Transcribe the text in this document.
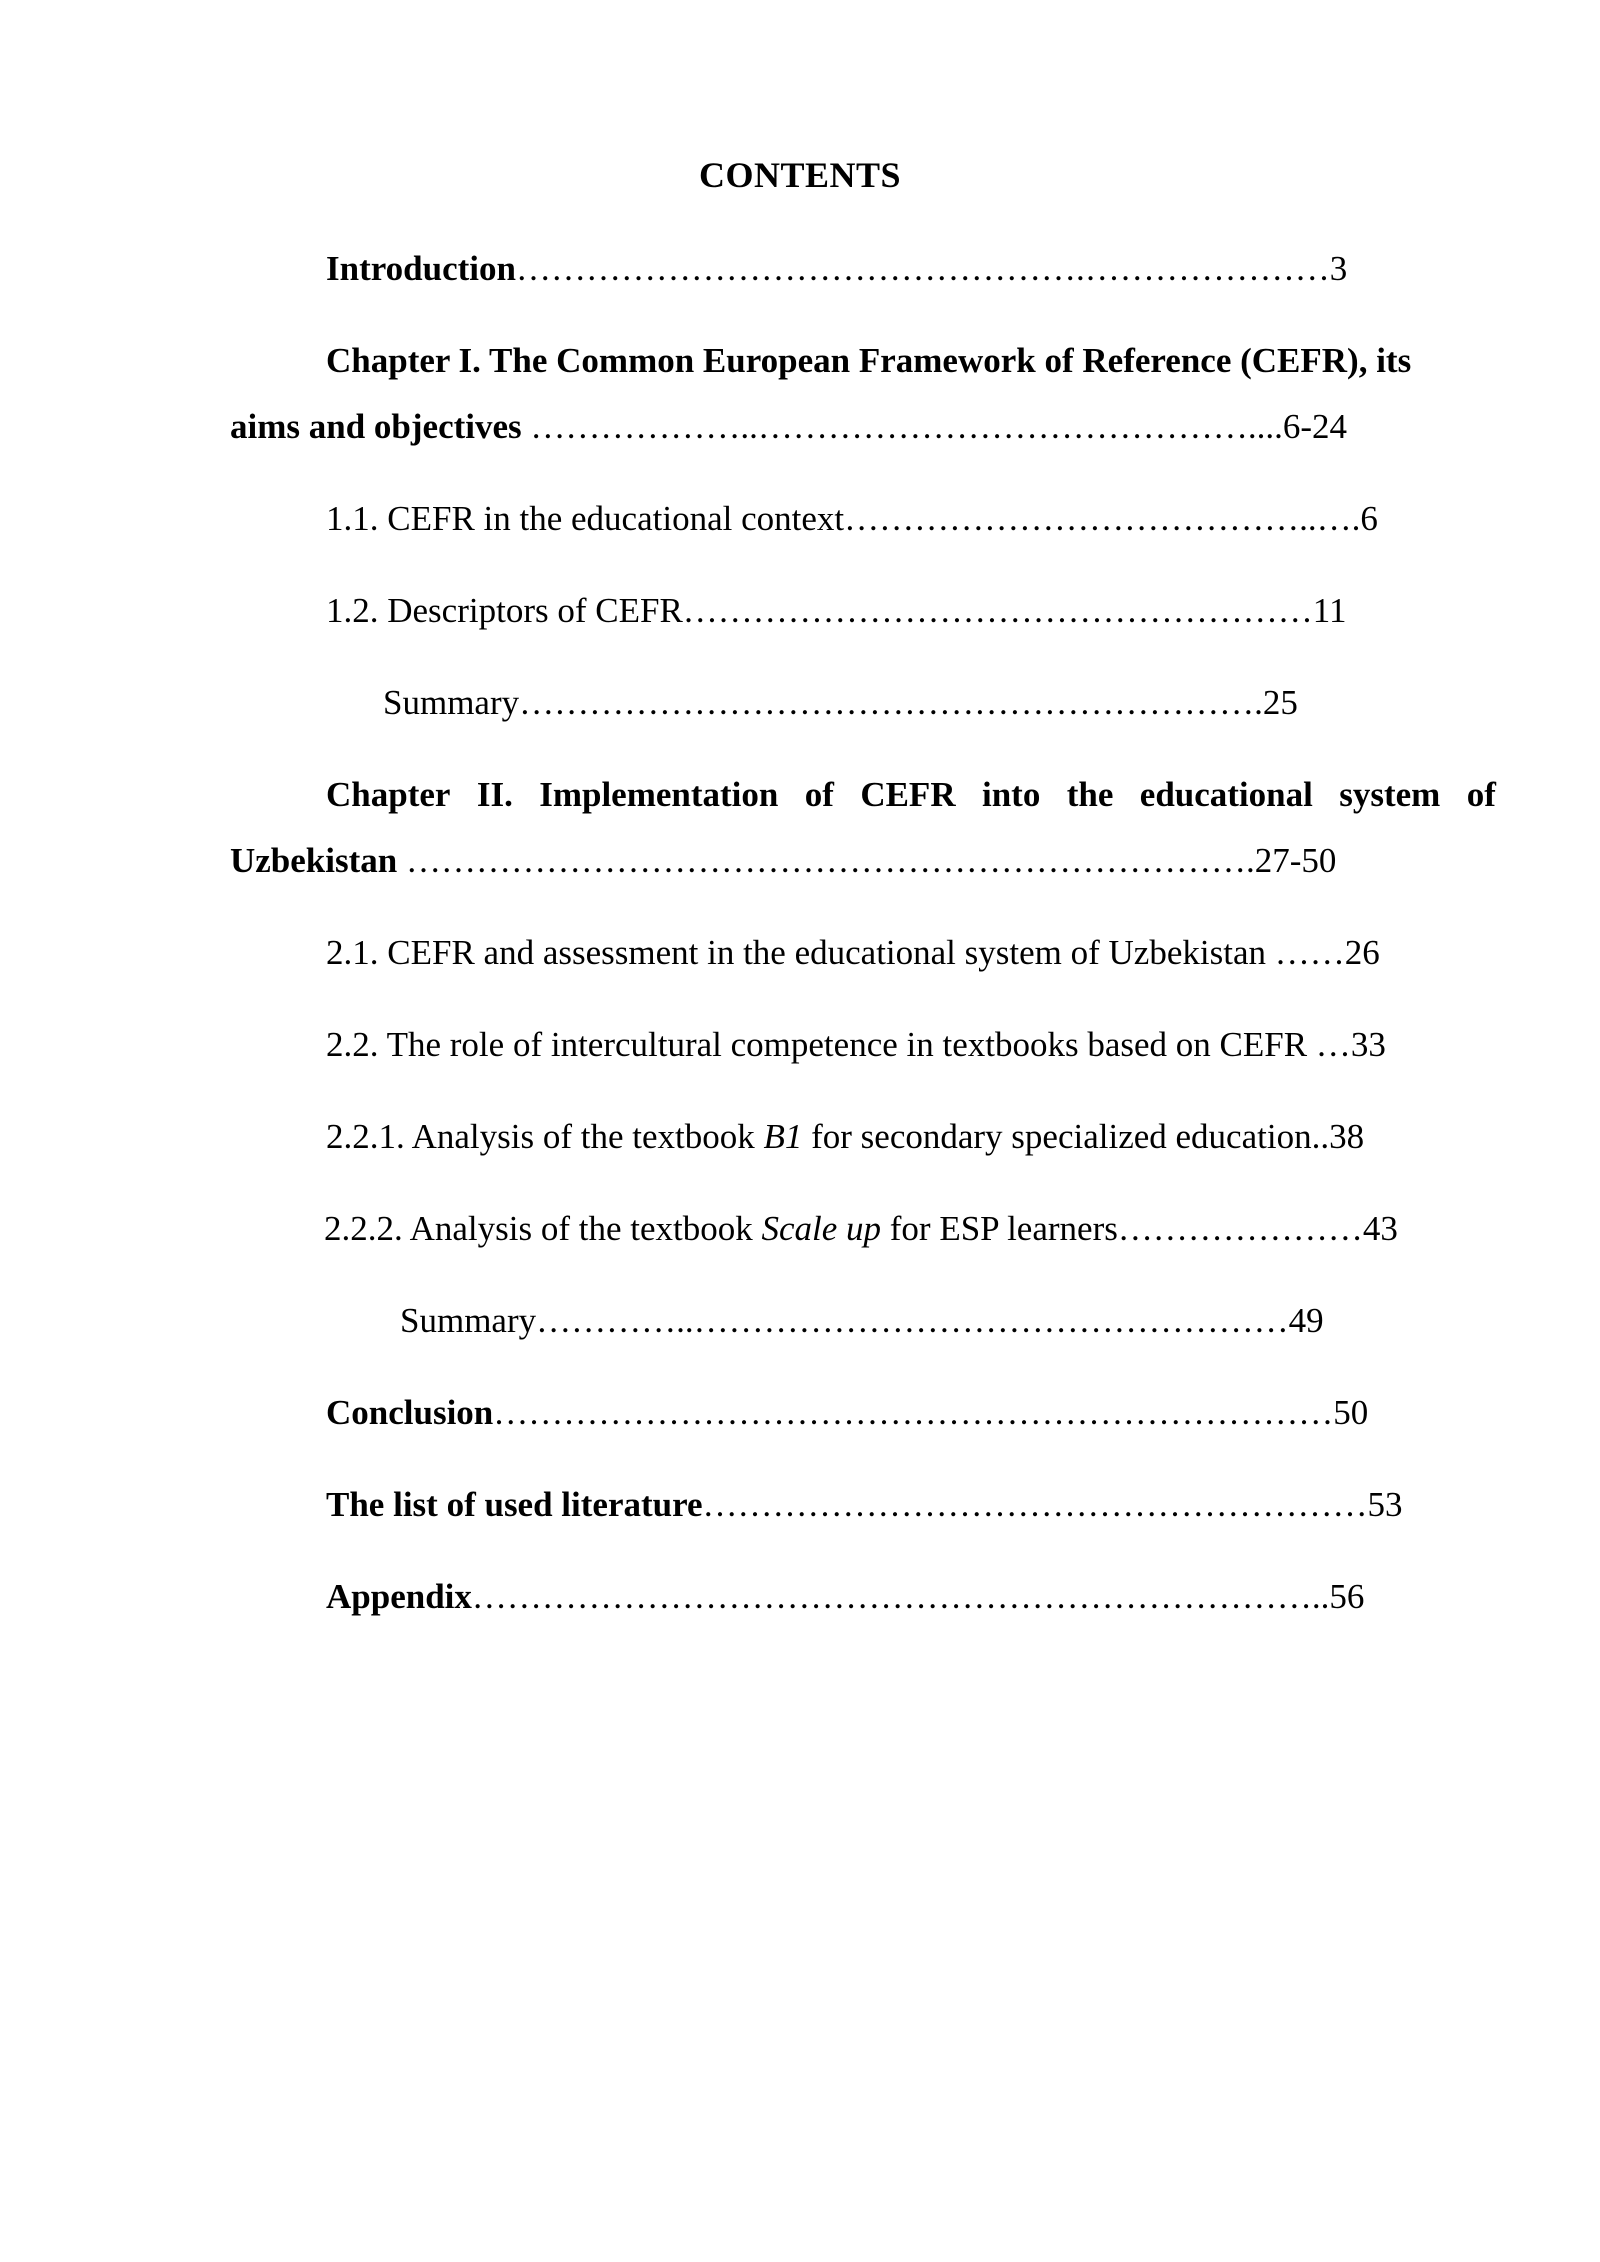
CONTENTS

Introduction………………………………………….…………………3

Chapter I. The Common European Framework of Reference (CEFR), its

aims and objectives ………………..……………………………………....6-24

1.1. CEFR in the educational context…………………………………..….6

1.2. Descriptors of CEFR………………………………………………11

Summary……………………………………………………….25

Chapter II. Implementation of CEFR into the educational system of

Uzbekistan ……………………………………………………………….27-50

2.1. CEFR and assessment in the educational system of Uzbekistan ……26

2.2. The role of intercultural competence in textbooks based on CEFR …33

2.2.1. Analysis of the textbook B1 for secondary specialized education..38

2.2.2. Analysis of the textbook Scale up for ESP learners…………………43

Summary…………..……………………………………………49

Conclusion………………………………………………………………50

The list of used literature…………………………………………………53

Appendix………………………………………………………………..56
